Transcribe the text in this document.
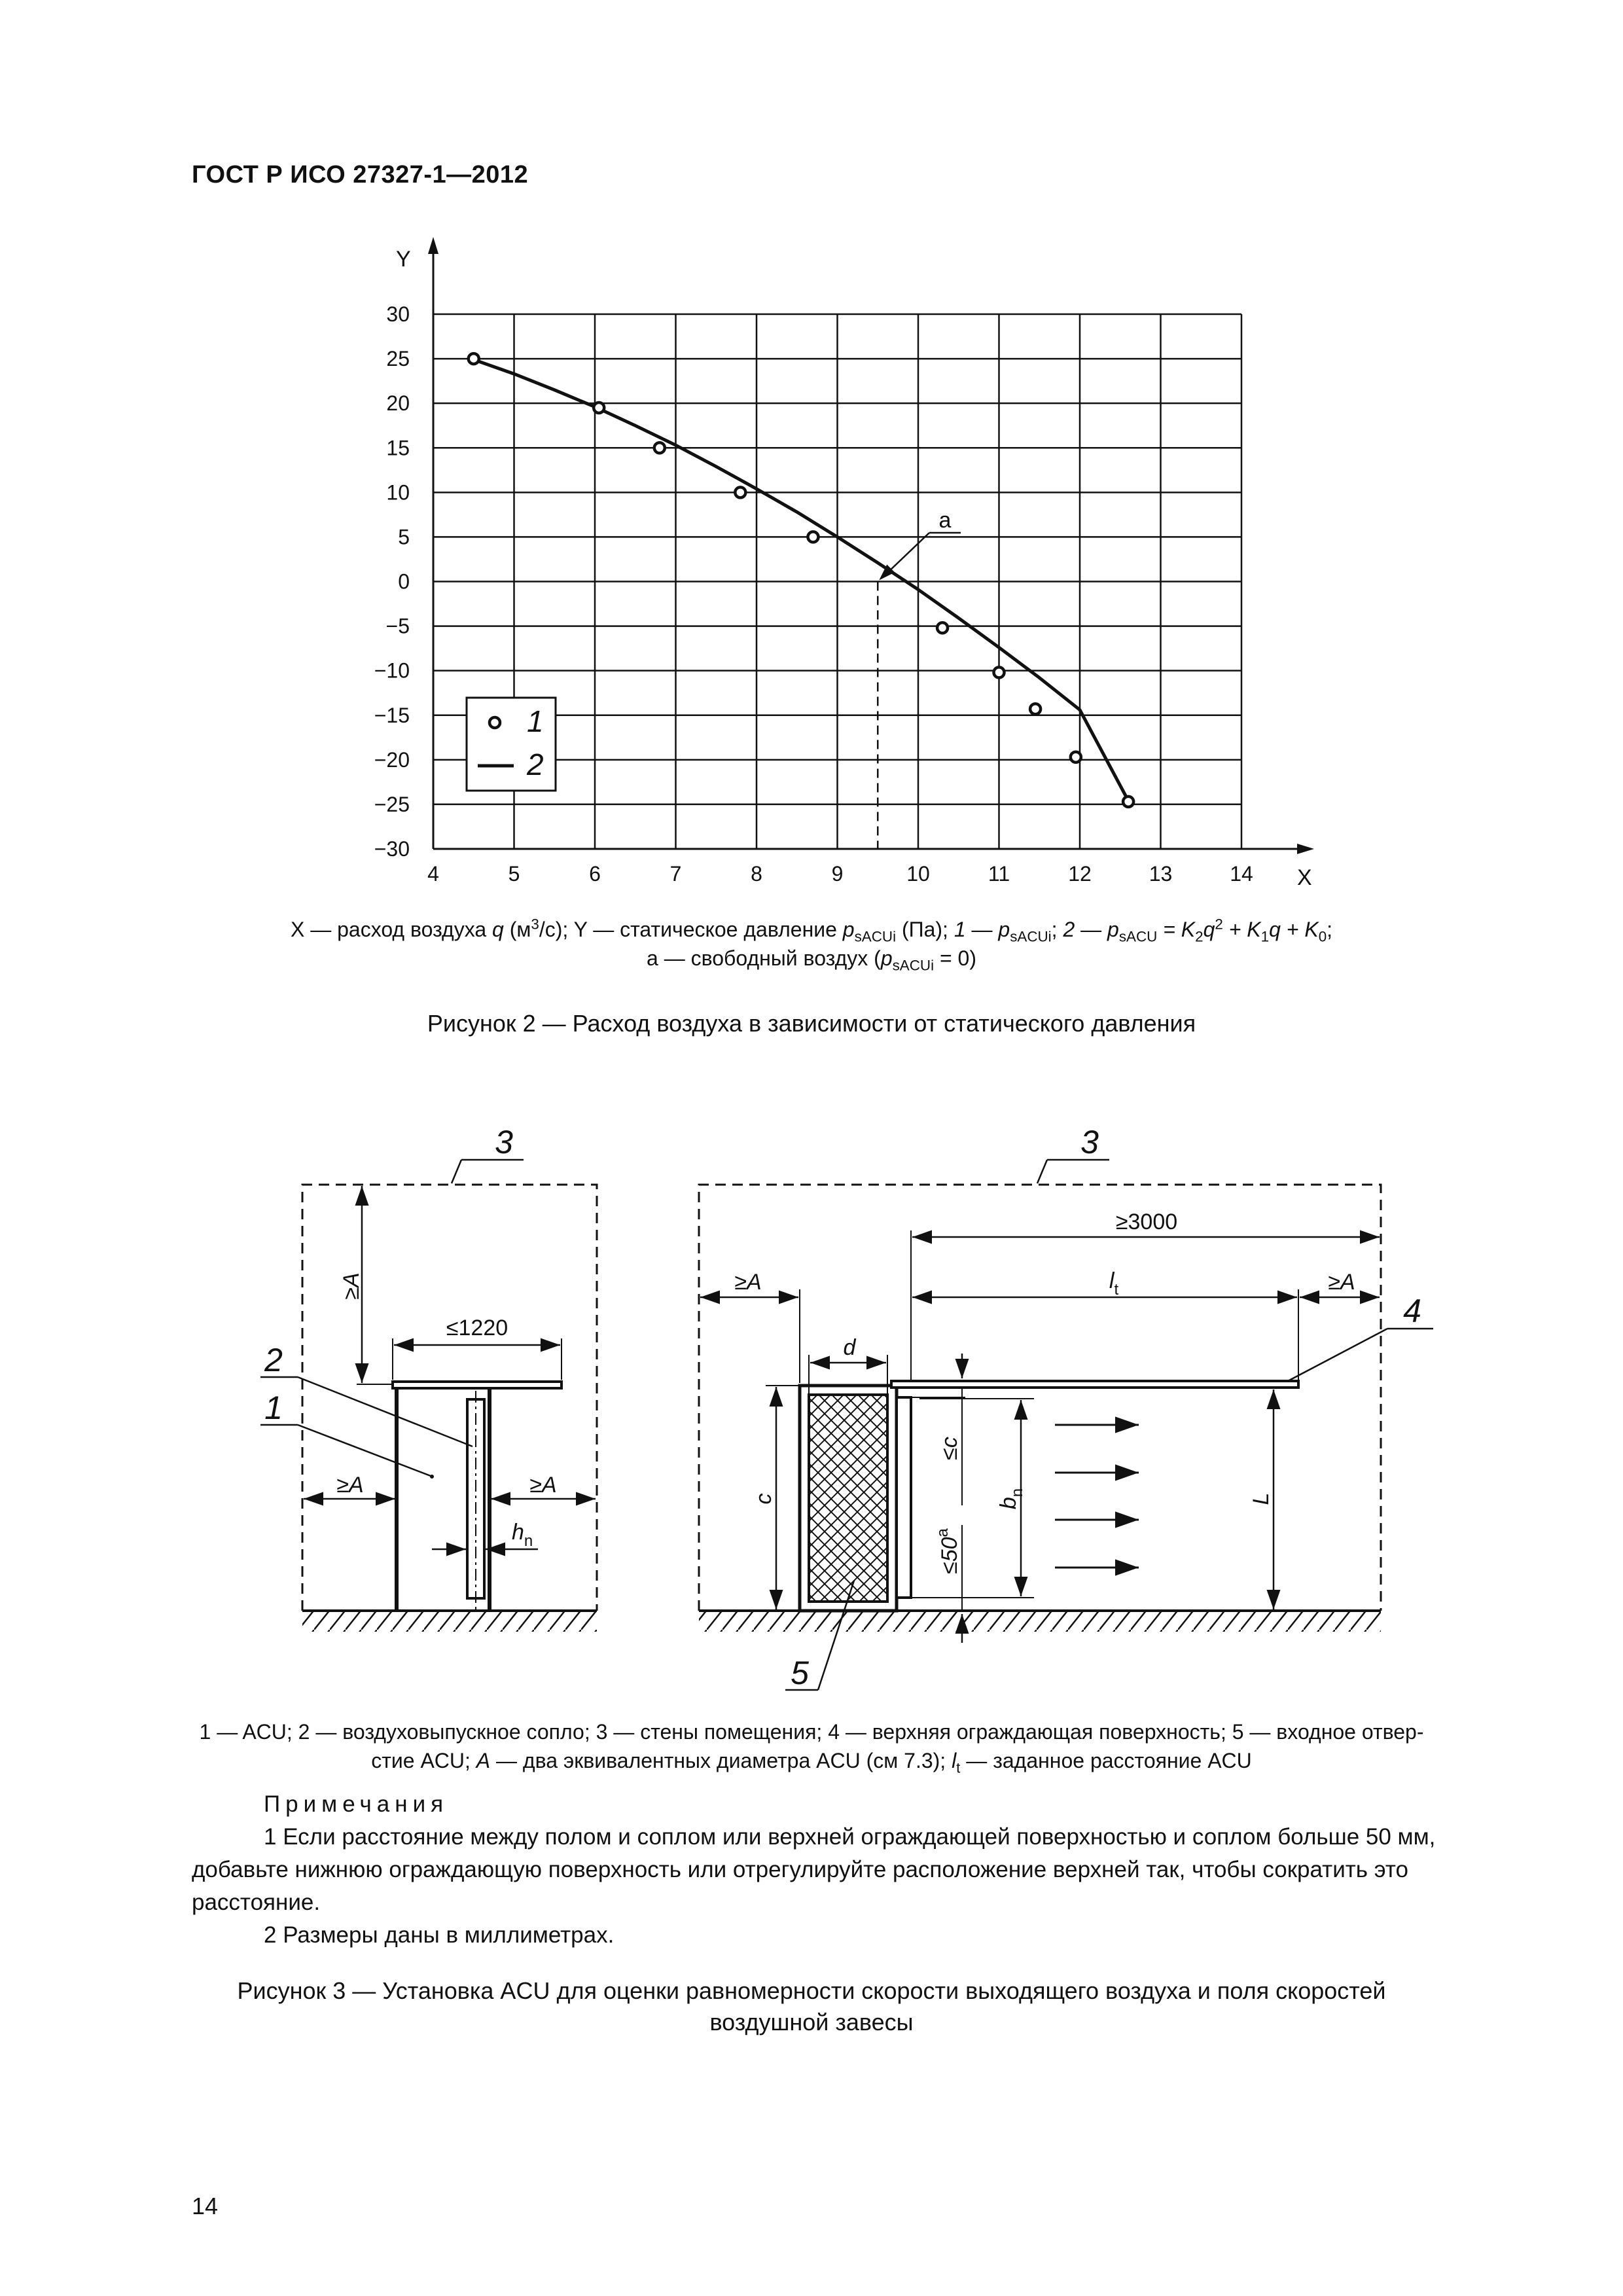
ГОСТ Р ИСО 27327-1—2012
X
Y
4	5	6	7	8	9	10	11	12	13	14
30
25
20
15
10
5
0
−5
−10
−15
−20
−25
−30
a
1
2
X — расход воздуха q $(м^3/с)$; Y — статическое давление $p_{sACUi}$ (Па); 1 — $p_{sACUi}$; 2 — $p_{sACU} = K_2q^2 + K_1q + K_0$;
a — свободный воздух $(p_{sACUi} = 0)$
Рисунок 2 — Расход воздуха в зависимости от статического давления
3
≥A
≤1220
≥A	≥A
$h_n$
2
1
3
≥3000
≥A	$l_t$	≥A
4
d
c
≤c
$\le 50^a$
$b_n$	L
5
1 — ACU; 2 — воздуховыпускное сопло; 3 — стены помещения; 4 — верхняя ограждающая поверхность; 5 — входное отвер-
стие ACU; A — два эквивалентных диаметра ACU (см 7.3); $l_t$ — заданное расстояние ACU

Примечания

1 Если расстояние между полом и соплом или верхней ограждающей поверхностью и соплом больше 50 мм, добавьте нижнюю ограждающую поверхность или отрегулируйте расположение верхней так, чтобы сократить это расстояние.

2 Размеры даны в миллиметрах.

Рисунок 3 — Установка ACU для оценки равномерности скорости выходящего воздуха и поля скоростей
воздушной завесы
14
